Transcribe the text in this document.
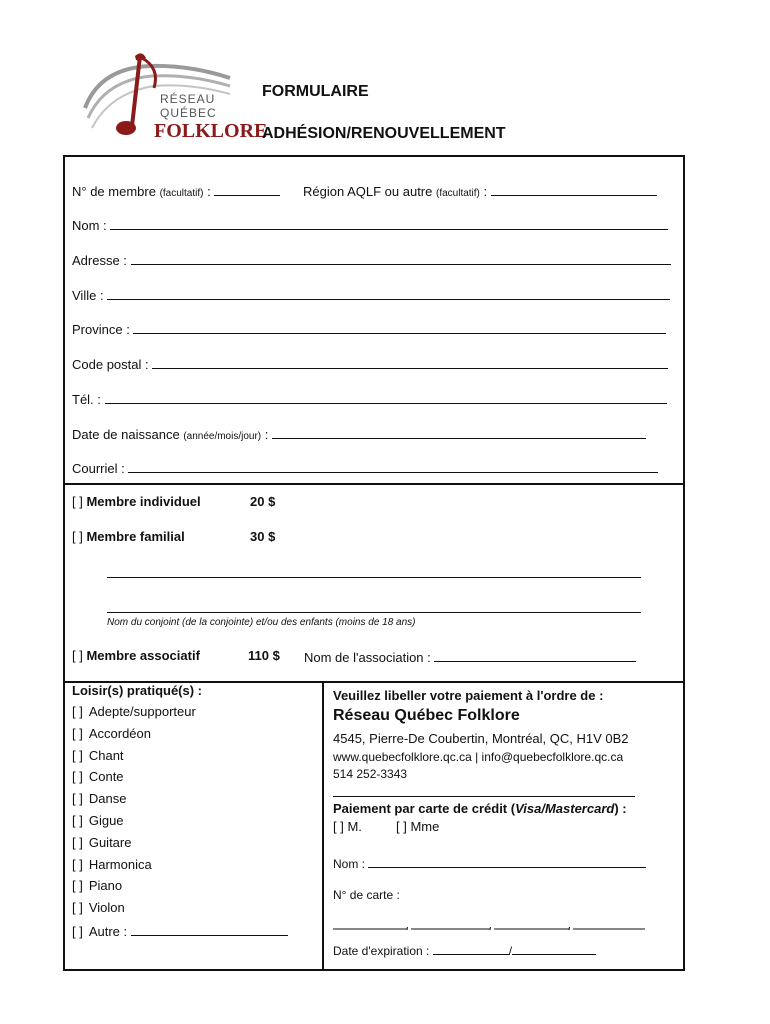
RÉSEAU
QUÉBEC
FOLKLORE
FORMULAIRE
ADHÉSION/RENOUVELLEMENT
N° de membre (facultatif) :	Région AQLF ou autre (facultatif) :
Nom :
Adresse :
Ville :
Province :
Code postal :
Tél. :
Date de naissance (année/mois/jour) :
Courriel :
[ ] Membre individuel	20 $
[ ] Membre familial	30 $
Nom du conjoint (de la conjointe) et/ou des enfants (moins de 18 ans)
[ ] Membre associatif	110 $ Nom de l'association :
Loisir(s) pratiqué(s) :
[ ] Adepte/supporteur
[ ] Accordéon
[ ] Chant
[ ] Conte
[ ] Danse
[ ] Gigue
[ ] Guitare
[ ] Harmonica
[ ] Piano
[ ] Violon
[ ] Autre :
Veuillez libeller votre paiement à l'ordre de :
Réseau Québec Folklore
4545, Pierre-De Coubertin, Montréal, QC, H1V 0B2
www.quebecfolklore.qc.ca | info@quebecfolklore.qc.ca
514 252-3343
Paiement par carte de crédit (Visa/Mastercard) :
[ ] M.	[ ] Mme
Nom :
N° de carte :
Date d'expiration :	/
